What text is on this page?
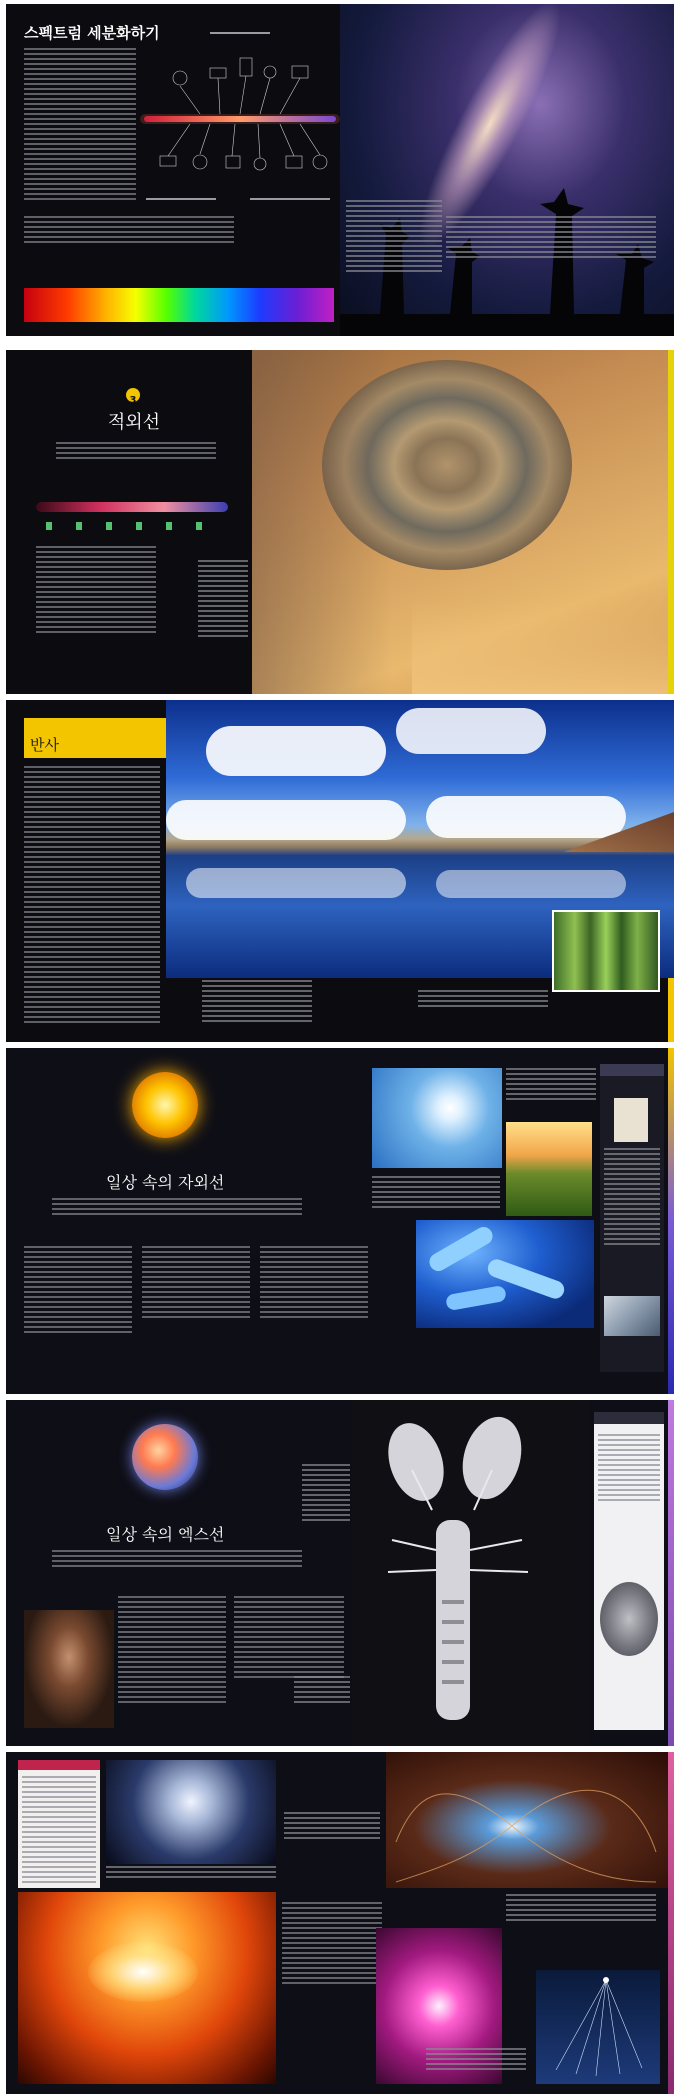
스펙트럼 세분화하기
3
적외선
반사
일상 속의 자외선
일상 속의 엑스선
